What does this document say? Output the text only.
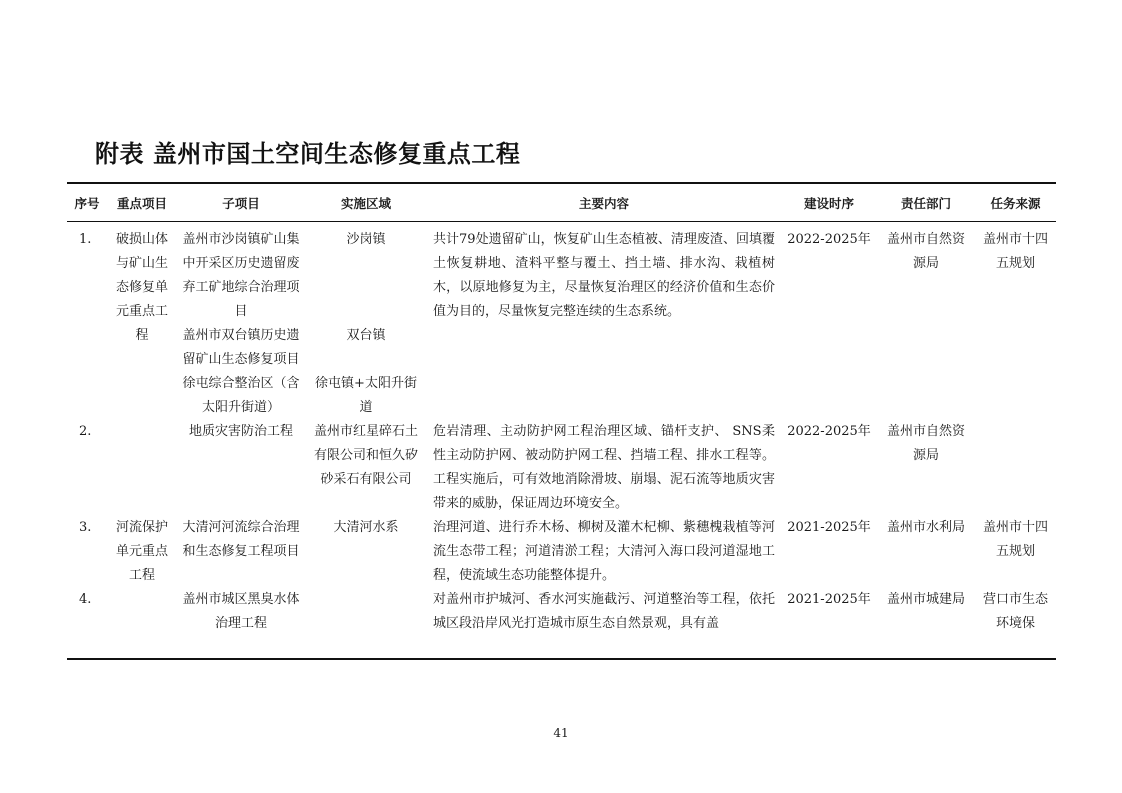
附表 盖州市国土空间生态修复重点工程
序号	重点项目	子项目	实施区域	主要内容	建设时序	责任部门	任务来源
1.	破损山体与矿山生态修复单元重点工程	盖州市沙岗镇矿山集中开采区历史遗留废弃工矿地综合治理项目	沙岗镇	共计79处遗留矿山，恢复矿山生态植被、清理废渣、回填覆土恢复耕地、渣料平整与覆土、挡土墙、排水沟、栽植树木，以原地修复为主，尽量恢复治理区的经济价值和生态价值为目的，尽量恢复完整连续的生态系统。	2022-2025年	盖州市自然资源局	盖州市十四五规划
		盖州市双台镇历史遗留矿山生态修复项目	双台镇				
		徐屯综合整治区（含太阳升街道）	徐屯镇+太阳升街道				
2.		地质灾害防治工程	盖州市红星碎石土有限公司和恒久矽砂采石有限公司	危岩清理、主动防护网工程治理区域、锚杆支护、 SNS柔性主动防护网、被动防护网工程、挡墙工程、排水工程等。工程实施后，可有效地消除滑坡、崩塌、泥石流等地质灾害带来的威胁，保证周边环境安全。	2022-2025年	盖州市自然资源局	
3.	河流保护单元重点工程	大清河河流综合治理和生态修复工程项目	大清河水系	治理河道、进行乔木杨、柳树及灌木杞柳、紫穗槐栽植等河流生态带工程；河道清淤工程；大清河入海口段河道湿地工程，使流域生态功能整体提升。	2021-2025年	盖州市水利局	盖州市十四五规划
4.		盖州市城区黑臭水体治理工程		对盖州市护城河、香水河实施截污、河道整治等工程，依托城区段沿岸风光打造城市原生态自然景观，具有盖	2021-2025年	盖州市城建局	营口市生态环境保
41
